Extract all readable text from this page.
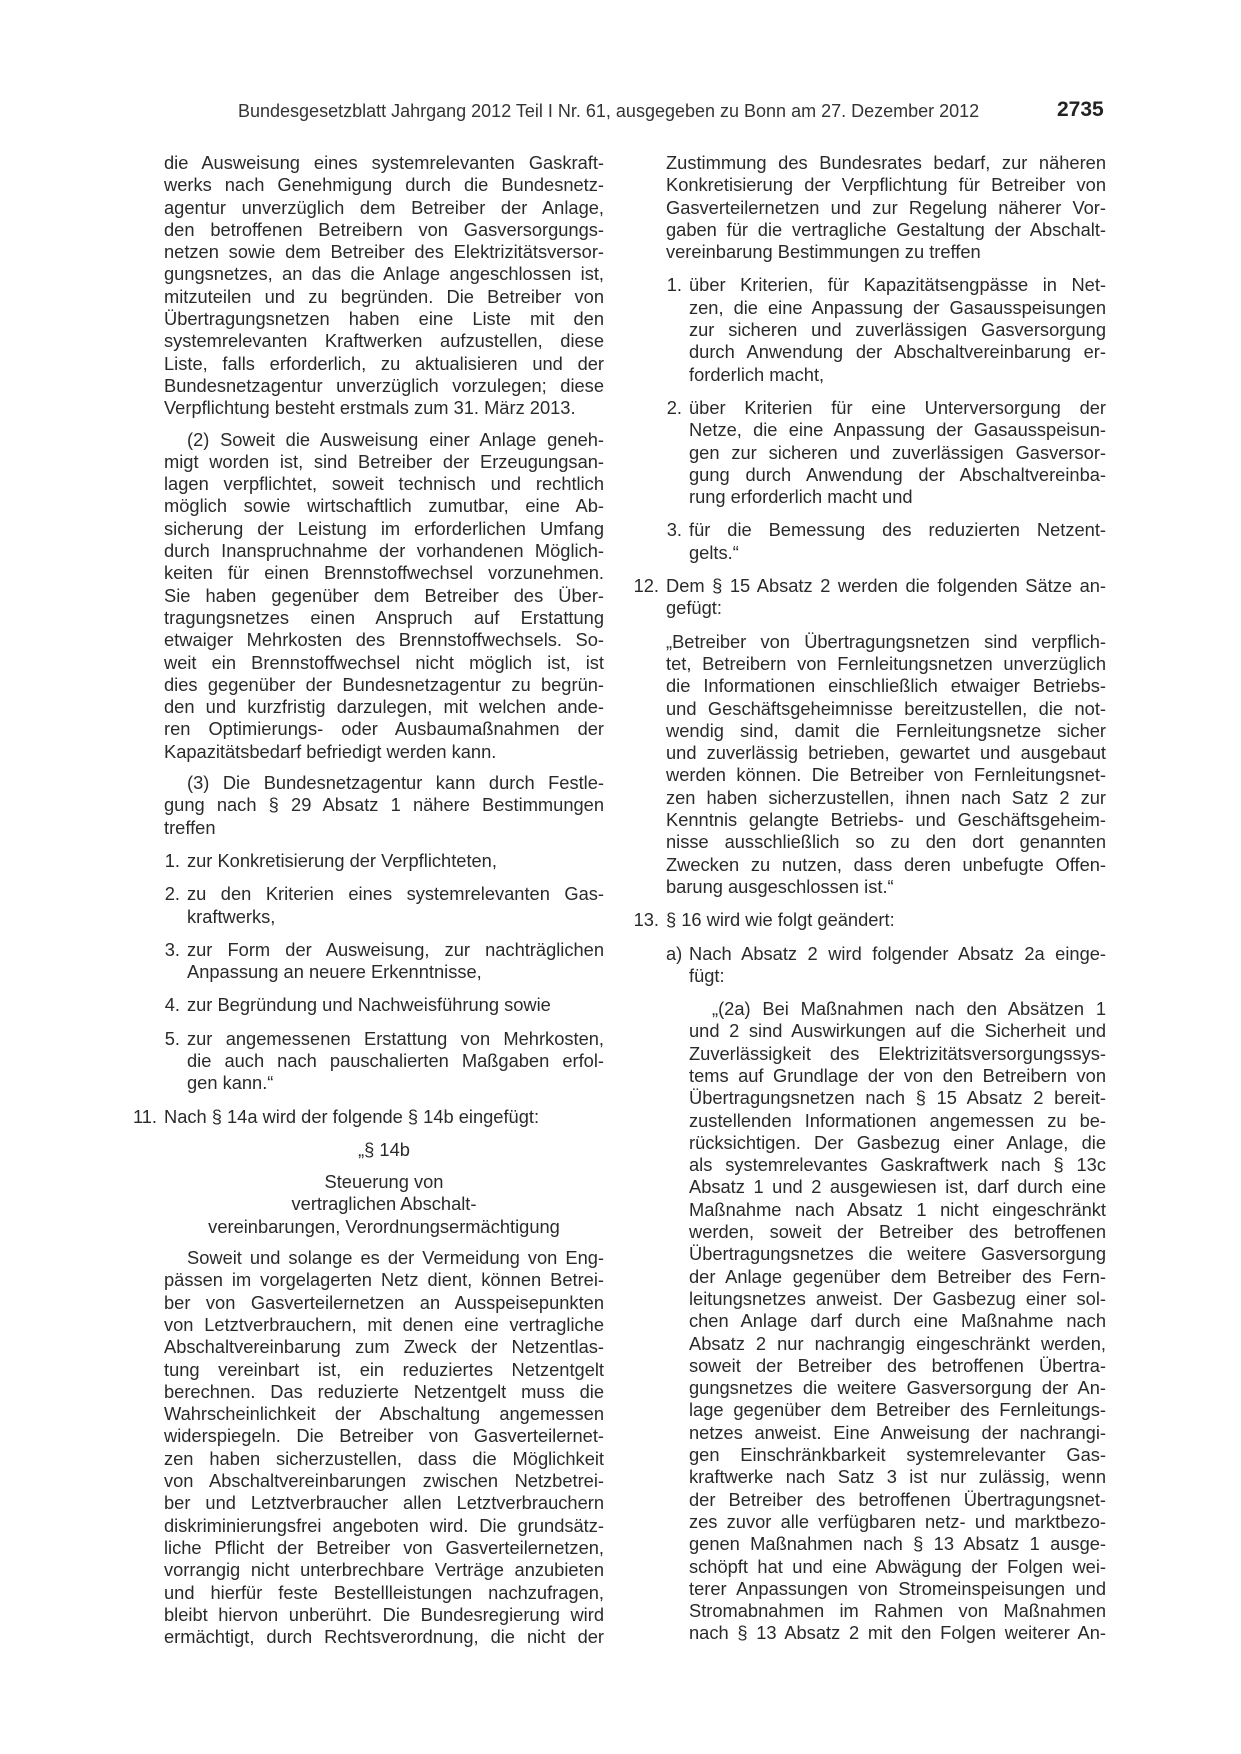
Bundesgesetzblatt Jahrgang 2012 Teil I Nr. 61, ausgegeben zu Bonn am 27. Dezember 2012	2735

die Ausweisung eines systemrelevanten Gaskraft-

werks nach Genehmigung durch die Bundesnetz-

agentur unverzüglich dem Betreiber der Anlage,

den betroffenen Betreibern von Gasversorgungs-

netzen sowie dem Betreiber des Elektrizitätsversor-

gungsnetzes, an das die Anlage angeschlossen ist,

mitzuteilen und zu begründen. Die Betreiber von

Übertragungsnetzen haben eine Liste mit den

systemrelevanten Kraftwerken aufzustellen, diese

Liste, falls erforderlich, zu aktualisieren und der

Bundesnetzagentur unverzüglich vorzulegen; diese

Verpflichtung besteht erstmals zum 31. März 2013.

(2) Soweit die Ausweisung einer Anlage geneh-

migt worden ist, sind Betreiber der Erzeugungsan-

lagen verpflichtet, soweit technisch und rechtlich

möglich sowie wirtschaftlich zumutbar, eine Ab-

sicherung der Leistung im erforderlichen Umfang

durch Inanspruchnahme der vorhandenen Möglich-

keiten für einen Brennstoffwechsel vorzunehmen.

Sie haben gegenüber dem Betreiber des Über-

tragungsnetzes einen Anspruch auf Erstattung

etwaiger Mehrkosten des Brennstoffwechsels. So-

weit ein Brennstoffwechsel nicht möglich ist, ist

dies gegenüber der Bundesnetzagentur zu begrün-

den und kurzfristig darzulegen, mit welchen ande-

ren Optimierungs- oder Ausbaumaßnahmen der

Kapazitätsbedarf befriedigt werden kann.

(3) Die Bundesnetzagentur kann durch Festle-

gung nach § 29 Absatz 1 nähere Bestimmungen

treffen

1. zur Konkretisierung der Verpflichteten,

2. zu den Kriterien eines systemrelevanten Gas-

kraftwerks,

3. zur Form der Ausweisung, zur nachträglichen

Anpassung an neuere Erkenntnisse,

4. zur Begründung und Nachweisführung sowie

5. zur angemessenen Erstattung von Mehrkosten,

die auch nach pauschalierten Maßgaben erfol-

gen kann.“

11. Nach § 14a wird der folgende § 14b eingefügt:

„§ 14b

Steuerung von

vertraglichen Abschalt-

vereinbarungen, Verordnungsermächtigung

Soweit und solange es der Vermeidung von Eng-

pässen im vorgelagerten Netz dient, können Betrei-

ber von Gasverteilernetzen an Ausspeisepunkten

von Letztverbrauchern, mit denen eine vertragliche

Abschaltvereinbarung zum Zweck der Netzentlas-

tung vereinbart ist, ein reduziertes Netzentgelt

berechnen. Das reduzierte Netzentgelt muss die

Wahrscheinlichkeit der Abschaltung angemessen

widerspiegeln. Die Betreiber von Gasverteilernet-

zen haben sicherzustellen, dass die Möglichkeit

von Abschaltvereinbarungen zwischen Netzbetrei-

ber und Letztverbraucher allen Letztverbrauchern

diskriminierungsfrei angeboten wird. Die grundsätz-

liche Pflicht der Betreiber von Gasverteilernetzen,

vorrangig nicht unterbrechbare Verträge anzubieten

und hierfür feste Bestellleistungen nachzufragen,

bleibt hiervon unberührt. Die Bundesregierung wird

ermächtigt, durch Rechtsverordnung, die nicht der

Zustimmung des Bundesrates bedarf, zur näheren

Konkretisierung der Verpflichtung für Betreiber von

Gasverteilernetzen und zur Regelung näherer Vor-

gaben für die vertragliche Gestaltung der Abschalt-

vereinbarung Bestimmungen zu treffen

1. über Kriterien, für Kapazitätsengpässe in Net-

zen, die eine Anpassung der Gasausspeisungen

zur sicheren und zuverlässigen Gasversorgung

durch Anwendung der Abschaltvereinbarung er-

forderlich macht,

2. über Kriterien für eine Unterversorgung der

Netze, die eine Anpassung der Gasausspeisun-

gen zur sicheren und zuverlässigen Gasversor-

gung durch Anwendung der Abschaltvereinba-

rung erforderlich macht und

3. für die Bemessung des reduzierten Netzent-

gelts.“

12. Dem § 15 Absatz 2 werden die folgenden Sätze an-

gefügt:

„Betreiber von Übertragungsnetzen sind verpflich-

tet, Betreibern von Fernleitungsnetzen unverzüglich

die Informationen einschließlich etwaiger Betriebs-

und Geschäftsgeheimnisse bereitzustellen, die not-

wendig sind, damit die Fernleitungsnetze sicher

und zuverlässig betrieben, gewartet und ausgebaut

werden können. Die Betreiber von Fernleitungsnet-

zen haben sicherzustellen, ihnen nach Satz 2 zur

Kenntnis gelangte Betriebs- und Geschäftsgeheim-

nisse ausschließlich so zu den dort genannten

Zwecken zu nutzen, dass deren unbefugte Offen-

barung ausgeschlossen ist.“

13. § 16 wird wie folgt geändert:

a) Nach Absatz 2 wird folgender Absatz 2a einge-

fügt:

„(2a) Bei Maßnahmen nach den Absätzen 1

und 2 sind Auswirkungen auf die Sicherheit und

Zuverlässigkeit des Elektrizitätsversorgungssys-

tems auf Grundlage der von den Betreibern von

Übertragungsnetzen nach § 15 Absatz 2 bereit-

zustellenden Informationen angemessen zu be-

rücksichtigen. Der Gasbezug einer Anlage, die

als systemrelevantes Gaskraftwerk nach § 13c

Absatz 1 und 2 ausgewiesen ist, darf durch eine

Maßnahme nach Absatz 1 nicht eingeschränkt

werden, soweit der Betreiber des betroffenen

Übertragungsnetzes die weitere Gasversorgung

der Anlage gegenüber dem Betreiber des Fern-

leitungsnetzes anweist. Der Gasbezug einer sol-

chen Anlage darf durch eine Maßnahme nach

Absatz 2 nur nachrangig eingeschränkt werden,

soweit der Betreiber des betroffenen Übertra-

gungsnetzes die weitere Gasversorgung der An-

lage gegenüber dem Betreiber des Fernleitungs-

netzes anweist. Eine Anweisung der nachrangi-

gen Einschränkbarkeit systemrelevanter Gas-

kraftwerke nach Satz 3 ist nur zulässig, wenn

der Betreiber des betroffenen Übertragungsnet-

zes zuvor alle verfügbaren netz- und marktbezo-

genen Maßnahmen nach § 13 Absatz 1 ausge-

schöpft hat und eine Abwägung der Folgen wei-

terer Anpassungen von Stromeinspeisungen und

Stromabnahmen im Rahmen von Maßnahmen

nach § 13 Absatz 2 mit den Folgen weiterer An-
